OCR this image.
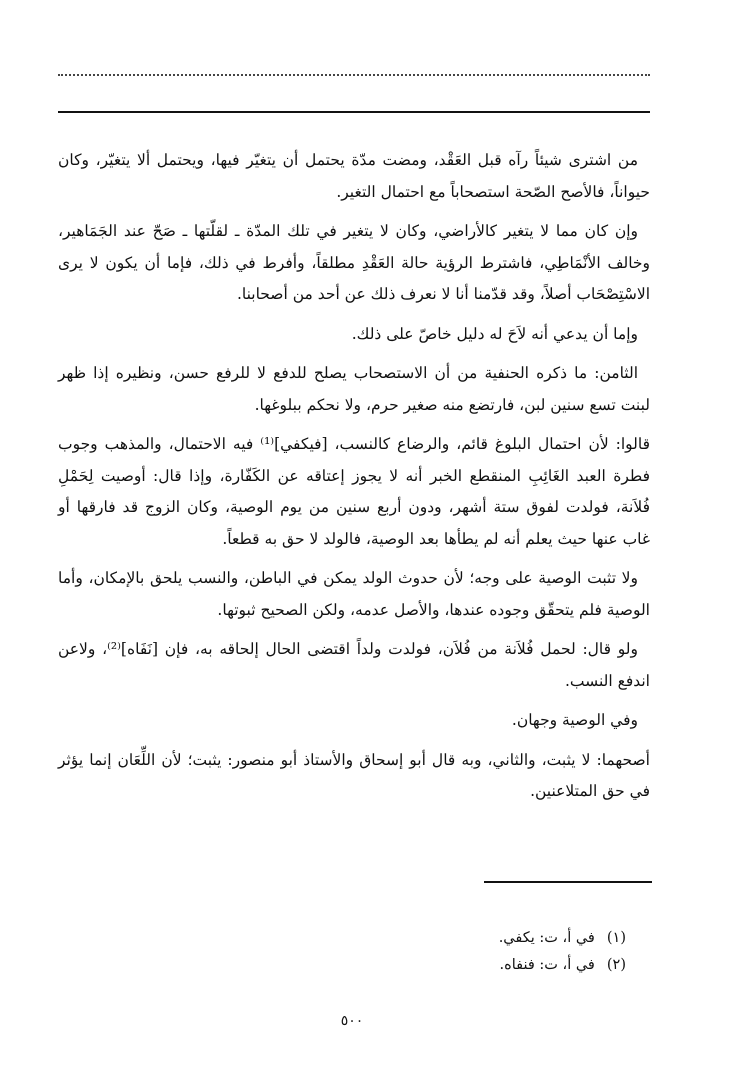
من اشترى شيئاً رآه قبل العَقْد، ومضت مدّة يحتمل أن يتغيّر فيها، ويحتمل ألا يتغيّر، وكان حيواناً، فالأصح الصّحة استصحاباً مع احتمال التغير.

وإن كان مما لا يتغير كالأراضي، وكان لا يتغير في تلك المدّة ـ لقلّتها ـ صَحّ عند الجَمَاهير، وخالف الأنْمَاطِي، فاشترط الرؤية حالة العَقْدِ مطلقاً، وأفرط في ذلك، فإما أن يكون لا يرى الاسْتِصْحَاب أصلاً، وقد قدّمنا أنا لا نعرف ذلك عن أحد من أصحابنا.

وإما أن يدعي أنه لاَحَ له دليل خاصّ على ذلك.

الثامن: ما ذكره الحنفية من أن الاستصحاب يصلح للدفع لا للرفع حسن، ونظيره إذا ظهر لبنت تسع سنين لبن، فارتضع منه صغير حرم، ولا نحكم ببلوغها.

قالوا: لأن احتمال البلوغ قائم، والرضاع كالنسب، [فيكفي]⁽¹⁾ فيه الاحتمال، والمذهب وجوب فطرة العبد الغَائِبِ المنقطع الخبر أنه لا يجوز إعتاقه عن الكَفّارة، وإذا قال: أوصيت لِحَمْلِ فُلاَنة، فولدت لفوق ستة أشهر، ودون أربع سنين من يوم الوصية، وكان الزوج قد فارقها أو غاب عنها حيث يعلم أنه لم يطأها بعد الوصية، فالولد لا حق به قطعاً.

ولا تثبت الوصية على وجه؛ لأن حدوث الولد يمكن في الباطن، والنسب يلحق بالإمكان، وأما الوصية فلم يتحقّق وجوده عندها، والأصل عدمه، ولكن الصحيح ثبوتها.

ولو قال: لحمل فُلاَنة من فُلاَن، فولدت ولداً اقتضى الحال إلحاقه به، فإن [نَفَاه]⁽²⁾، ولاعن اندفع النسب.

وفي الوصية وجهان.

أصحهما: لا يثبت، والثاني، وبه قال أبو إسحاق والأستاذ أبو منصور: يثبت؛ لأن اللِّعَان إنما يؤثر في حق المتلاعنين.

(١)في أ، ت: يكفي.
(٢)في أ، ت: فنفاه.
٥٠٠
